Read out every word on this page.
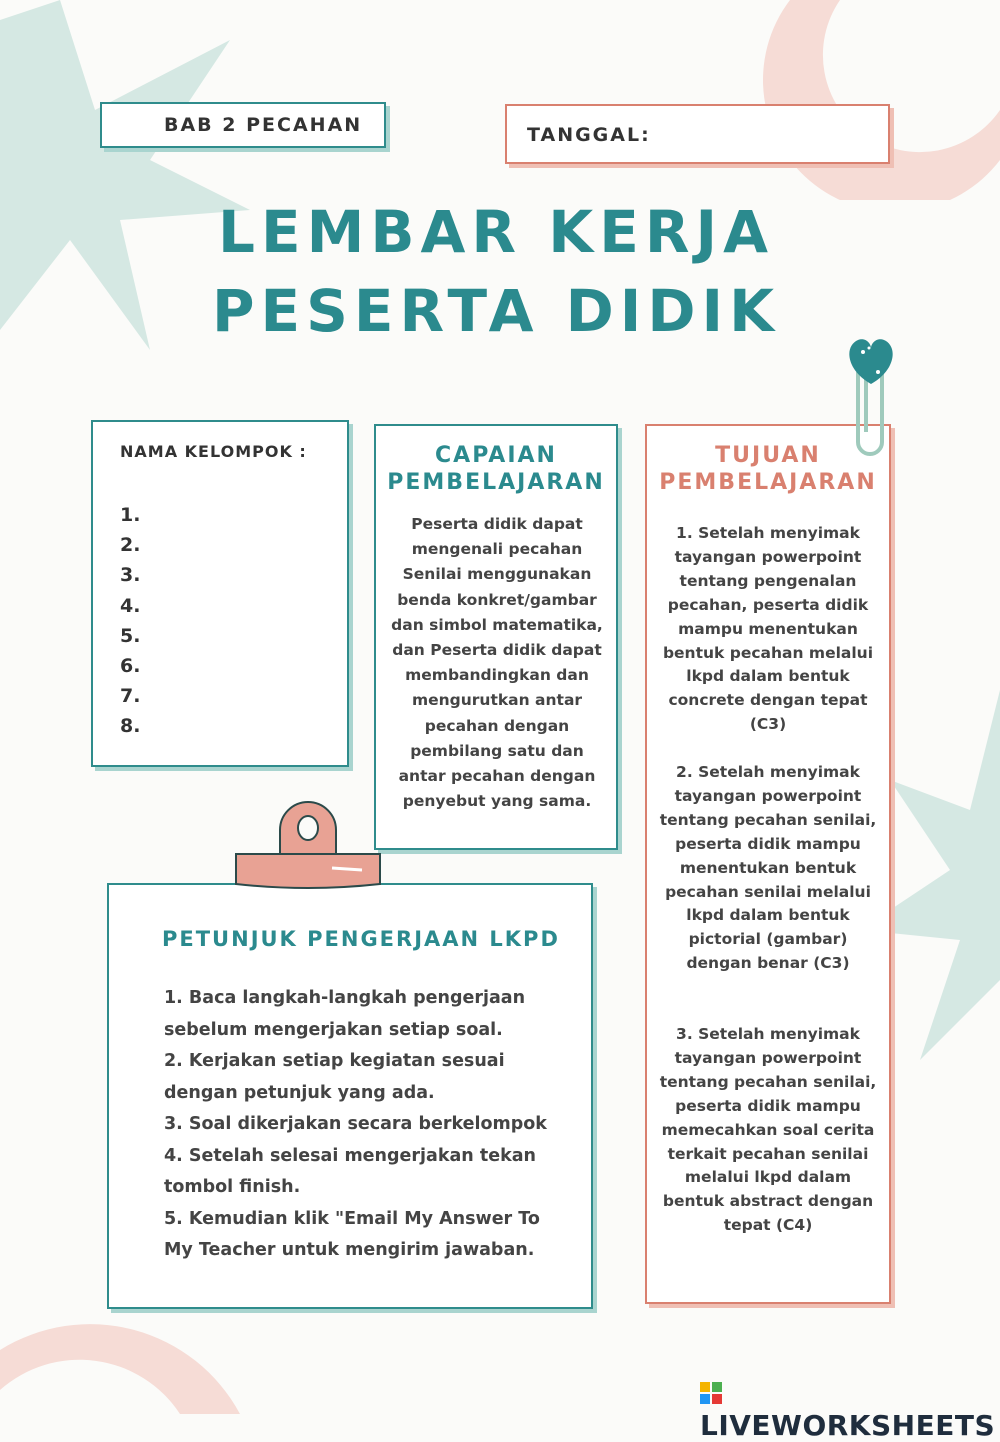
BAB 2 PECAHAN	TANGGAL:
LEMBAR KERJA
PESERTA DIDIK
NAMA KELOMPOK :
1.
2.
3.
4.
5.
6.
7.
8.
CAPAIAN
PEMBELAJARAN
Peserta didik dapat mengenali pecahan Senilai menggunakan benda konkret/gambar dan simbol matematika, dan Peserta didik dapat membandingkan dan mengurutkan antar pecahan dengan pembilang satu dan antar pecahan dengan penyebut yang sama.
TUJUAN
PEMBELAJARAN
1. Setelah menyimak tayangan powerpoint tentang pengenalan pecahan, peserta didik mampu menentukan bentuk pecahan melalui lkpd dalam bentuk concrete dengan tepat (C3)
2. Setelah menyimak tayangan powerpoint tentang pecahan senilai, peserta didik mampu menentukan bentuk pecahan senilai melalui lkpd dalam bentuk pictorial (gambar) dengan benar (C3)
3. Setelah menyimak tayangan powerpoint tentang pecahan senilai, peserta didik mampu memecahkan soal cerita terkait pecahan senilai melalui lkpd dalam bentuk abstract dengan tepat (C4)
PETUNJUK PENGERJAAN LKPD
1. Baca langkah-langkah pengerjaan sebelum mengerjakan setiap soal.
2. Kerjakan setiap kegiatan sesuai dengan petunjuk yang ada.
3. Soal dikerjakan secara berkelompok
4. Setelah selesai mengerjakan tekan tombol finish.
5. Kemudian klik "Email My Answer To My Teacher untuk mengirim jawaban.
LIVEWORKSHEETS
